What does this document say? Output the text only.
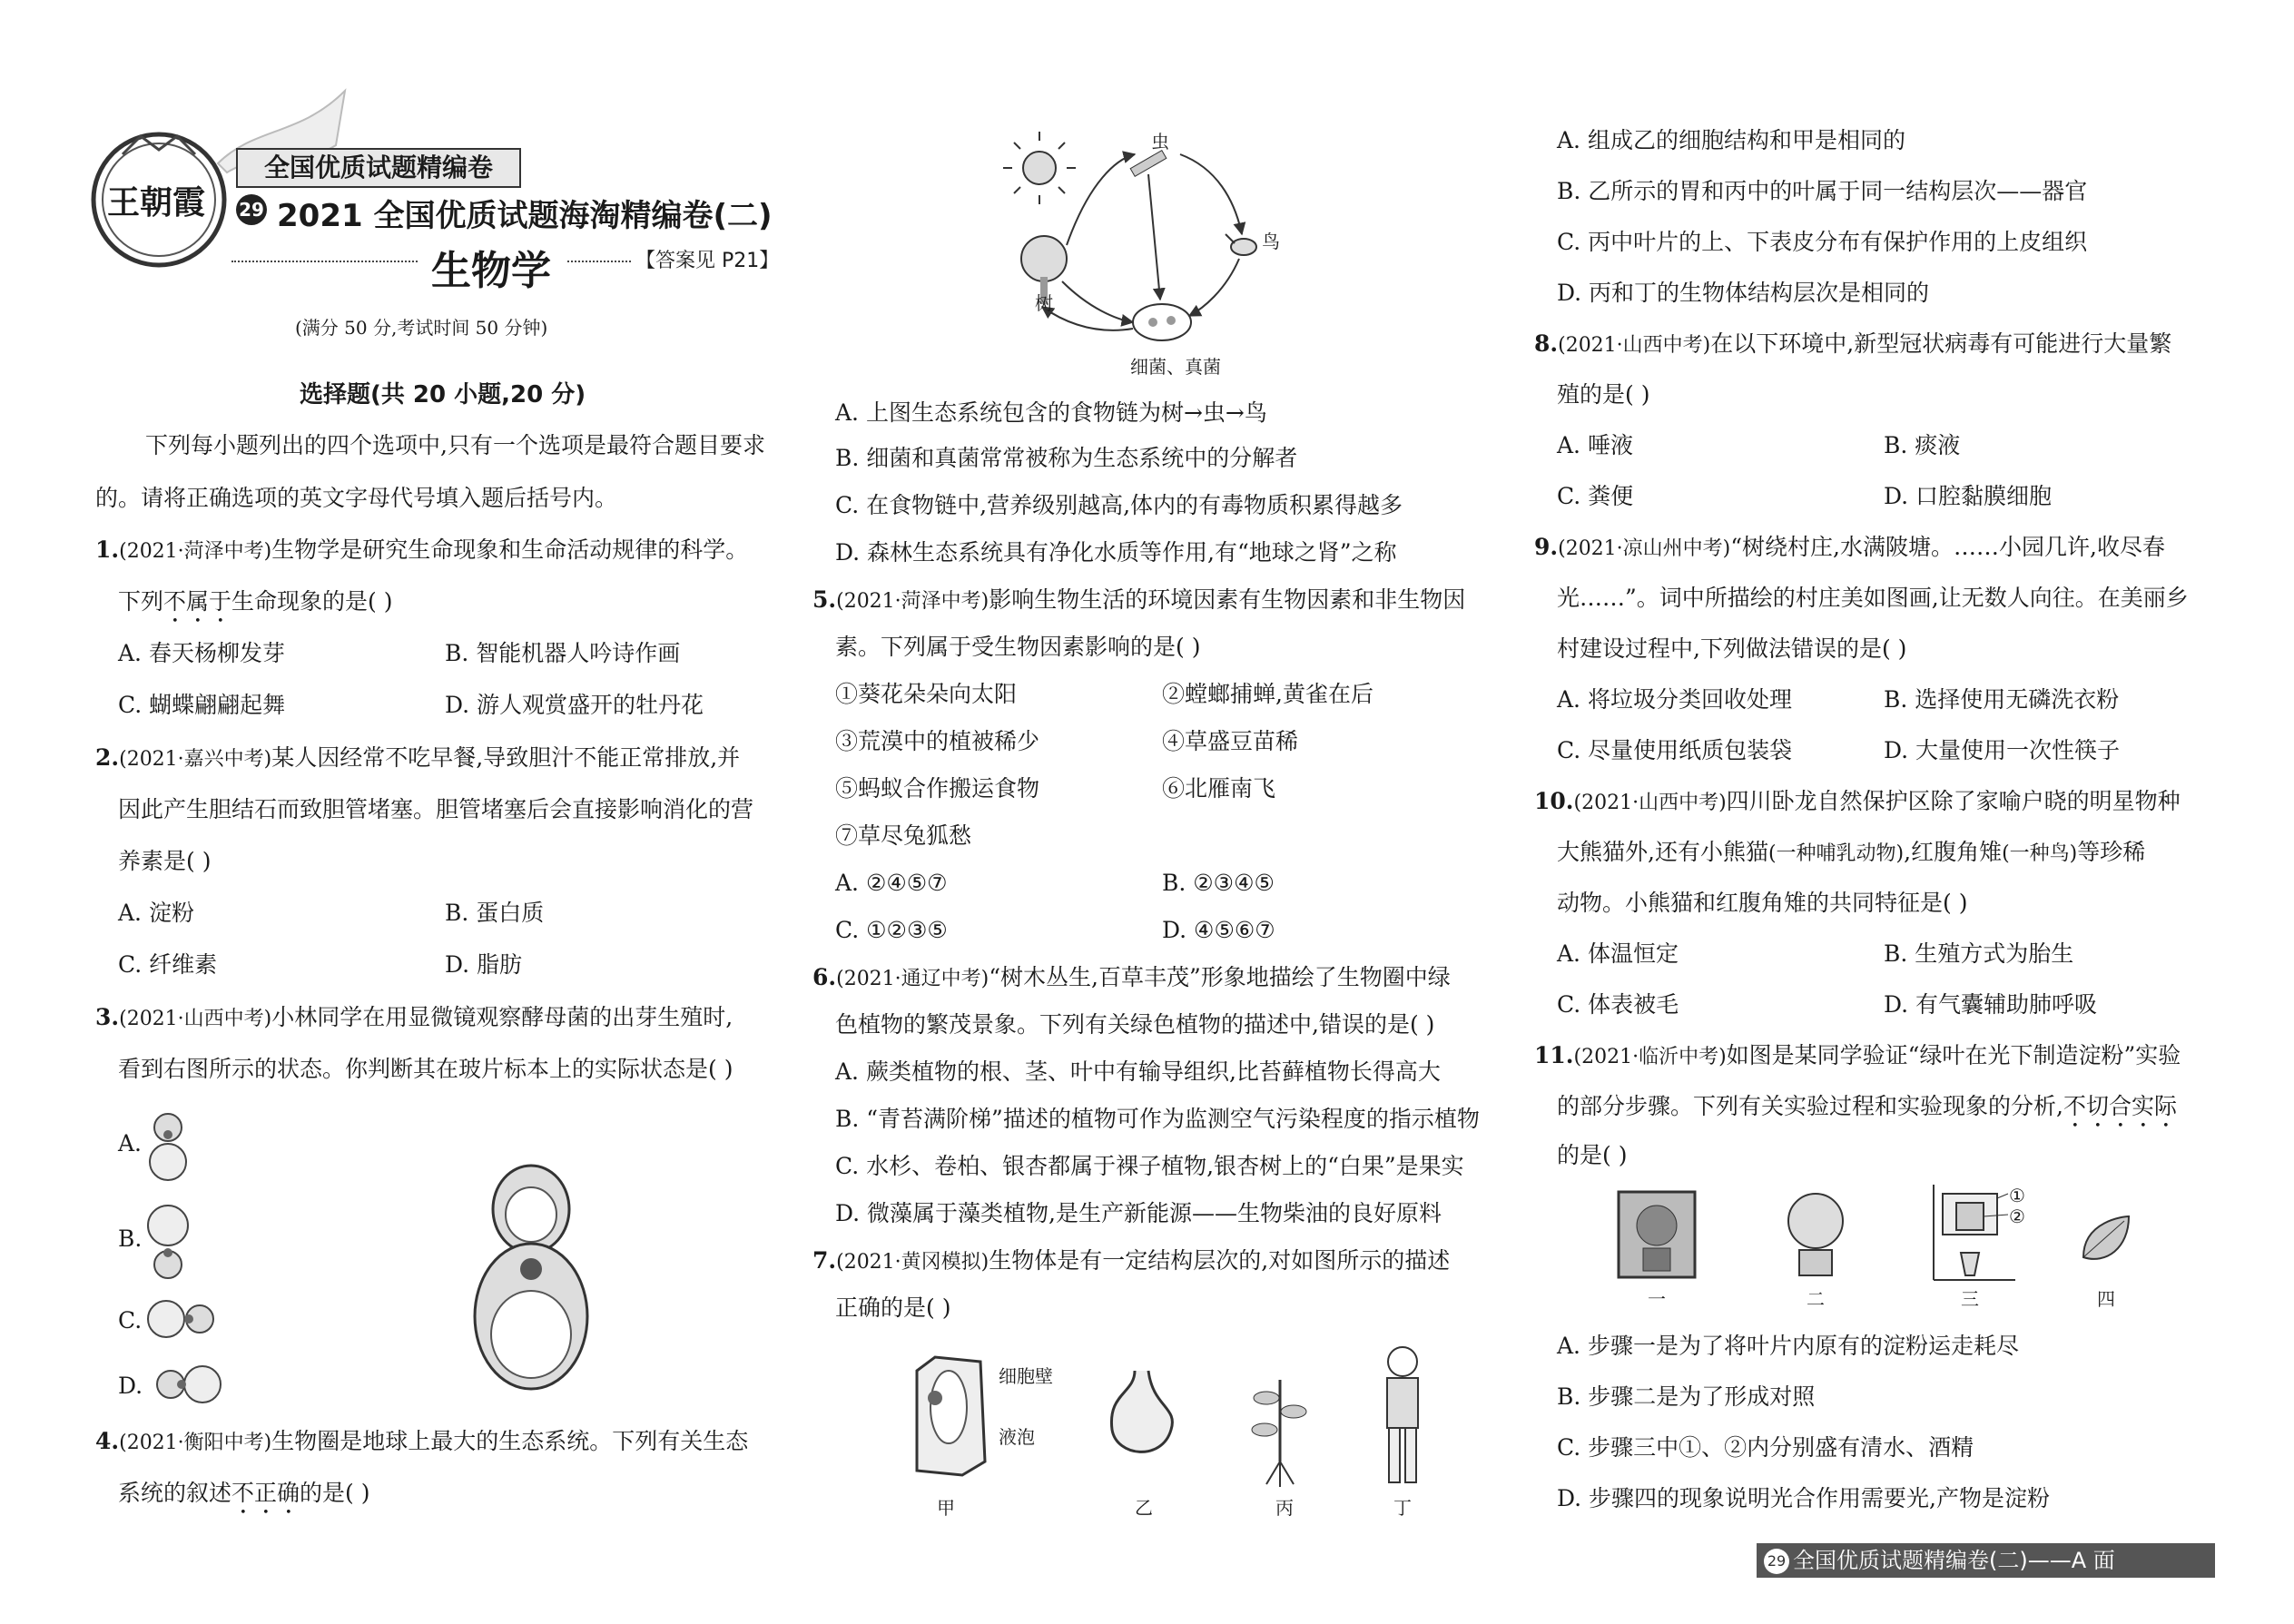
王朝霞
全国优质试题精编卷
29 2021 全国优质试题海淘精编卷(二)
生物学	【答案见 P21】
(满分 50 分,考试时间 50 分钟)
选择题(共 20 小题,20 分)
下列每小题列出的四个选项中,只有一个选项是最符合题目要求
的。请将正确选项的英文字母代号填入题后括号内。
1.(2021·菏泽中考)生物学是研究生命现象和生命活动规律的科学。
下列不属于生命现象的是( )
A. 春天杨柳发芽	B. 智能机器人吟诗作画
C. 蝴蝶翩翩起舞	D. 游人观赏盛开的牡丹花
2.(2021·嘉兴中考)某人因经常不吃早餐,导致胆汁不能正常排放,并
因此产生胆结石而致胆管堵塞。胆管堵塞后会直接影响消化的营
养素是( )
A. 淀粉	B. 蛋白质
C. 纤维素	D. 脂肪
3.(2021·山西中考)小林同学在用显微镜观察酵母菌的出芽生殖时,
看到右图所示的状态。你判断其在玻片标本上的实际状态是( )
A.
B.
C.
D.
4.(2021·衡阳中考)生物圈是地球上最大的生态系统。下列有关生态
系统的叙述不正确的是( )
虫
鸟
树
细菌、真菌
A. 上图生态系统包含的食物链为树→虫→鸟
B. 细菌和真菌常常被称为生态系统中的分解者
C. 在食物链中,营养级别越高,体内的有毒物质积累得越多
D. 森林生态系统具有净化水质等作用,有“地球之肾”之称
5.(2021·菏泽中考)影响生物生活的环境因素有生物因素和非生物因
素。下列属于受生物因素影响的是( )
①葵花朵朵向太阳	②螳螂捕蝉,黄雀在后
③荒漠中的植被稀少	④草盛豆苗稀
⑤蚂蚁合作搬运食物	⑥北雁南飞
⑦草尽兔狐愁
A. ②④⑤⑦	B. ②③④⑤
C. ①②③⑤	D. ④⑤⑥⑦
6.(2021·通辽中考)“树木丛生,百草丰茂”形象地描绘了生物圈中绿
色植物的繁茂景象。下列有关绿色植物的描述中,错误的是( )
A. 蕨类植物的根、茎、叶中有输导组织,比苔藓植物长得高大
B. “青苔满阶梯”描述的植物可作为监测空气污染程度的指示植物
C. 水杉、卷柏、银杏都属于裸子植物,银杏树上的“白果”是果实
D. 微藻属于藻类植物,是生产新能源——生物柴油的良好原料
7.(2021·黄冈模拟)生物体是有一定结构层次的,对如图所示的描述
正确的是( )
细胞壁
液泡
甲	乙	丙	丁
A. 组成乙的细胞结构和甲是相同的
B. 乙所示的胃和丙中的叶属于同一结构层次——器官
C. 丙中叶片的上、下表皮分布有保护作用的上皮组织
D. 丙和丁的生物体结构层次是相同的
8.(2021·山西中考)在以下环境中,新型冠状病毒有可能进行大量繁
殖的是( )
A. 唾液	B. 痰液
C. 粪便	D. 口腔黏膜细胞
9.(2021·凉山州中考)“树绕村庄,水满陂塘。……小园几许,收尽春
光……”。词中所描绘的村庄美如图画,让无数人向往。在美丽乡
村建设过程中,下列做法错误的是( )
A. 将垃圾分类回收处理	B. 选择使用无磷洗衣粉
C. 尽量使用纸质包装袋	D. 大量使用一次性筷子
10.(2021·山西中考)四川卧龙自然保护区除了家喻户晓的明星物种
大熊猫外,还有小熊猫(一种哺乳动物),红腹角雉(一种鸟)等珍稀
动物。小熊猫和红腹角雉的共同特征是( )
A. 体温恒定	B. 生殖方式为胎生
C. 体表被毛	D. 有气囊辅助肺呼吸
11.(2021·临沂中考)如图是某同学验证“绿叶在光下制造淀粉”实验
的部分步骤。下列有关实验过程和实验现象的分析,不切合实际
的是( )
①
②
一	二	三	四
A. 步骤一是为了将叶片内原有的淀粉运走耗尽
B. 步骤二是为了形成对照
C. 步骤三中①、②内分别盛有清水、酒精
D. 步骤四的现象说明光合作用需要光,产物是淀粉
29 全国优质试题精编卷(二)——A 面
